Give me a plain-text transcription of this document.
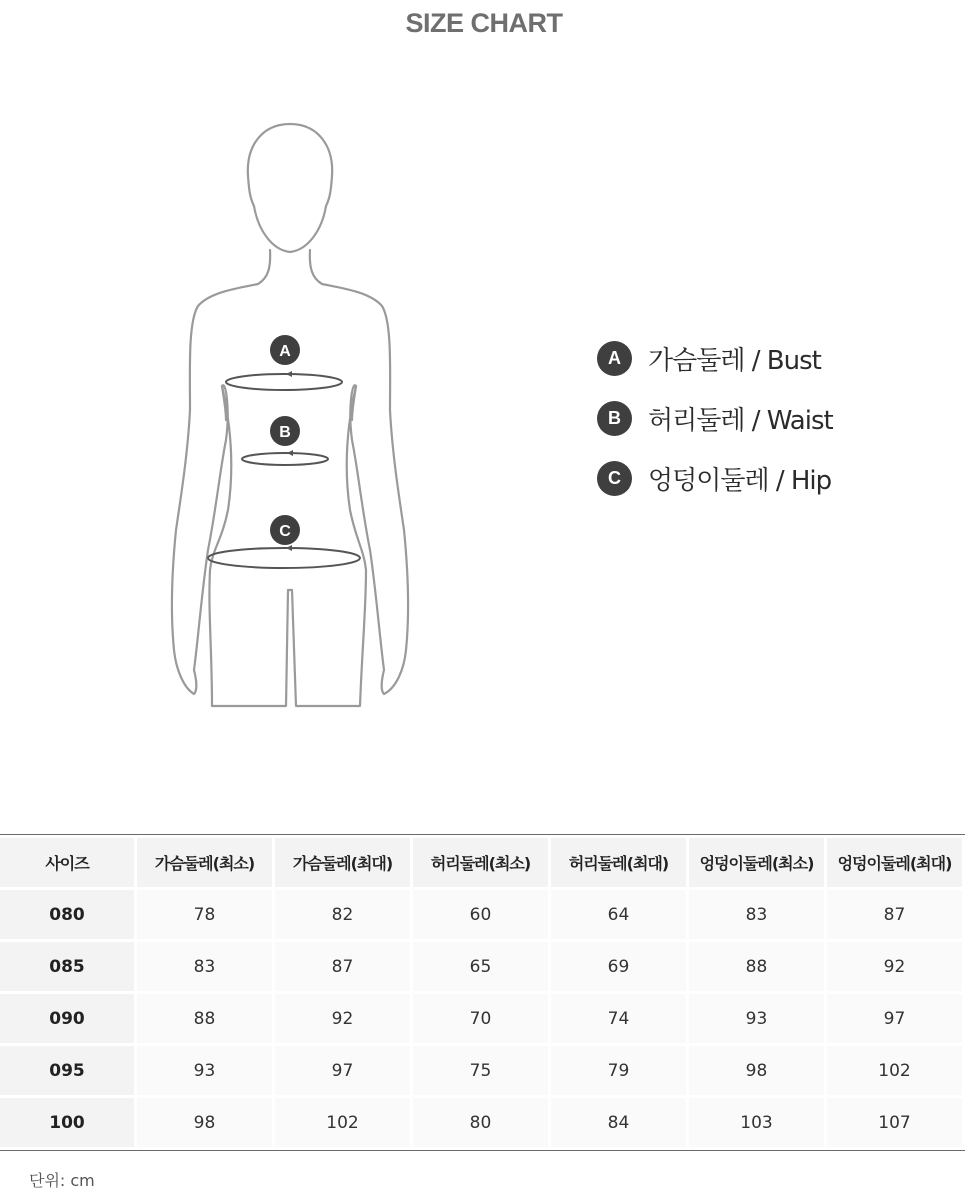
SIZE CHART
A
B
C
A	가슴둘레 / Bust
B	허리둘레 / Waist
C	엉덩이둘레 / Hip
사이즈	가슴둘레(최소)	가슴둘레(최대)	허리둘레(최소)	허리둘레(최대)	엉덩이둘레(최소)	엉덩이둘레(최대)
080	78	82	60	64	83	87
085	83	87	65	69	88	92
090	88	92	70	74	93	97
095	93	97	75	79	98	102
100	98	102	80	84	103	107
단위: cm
